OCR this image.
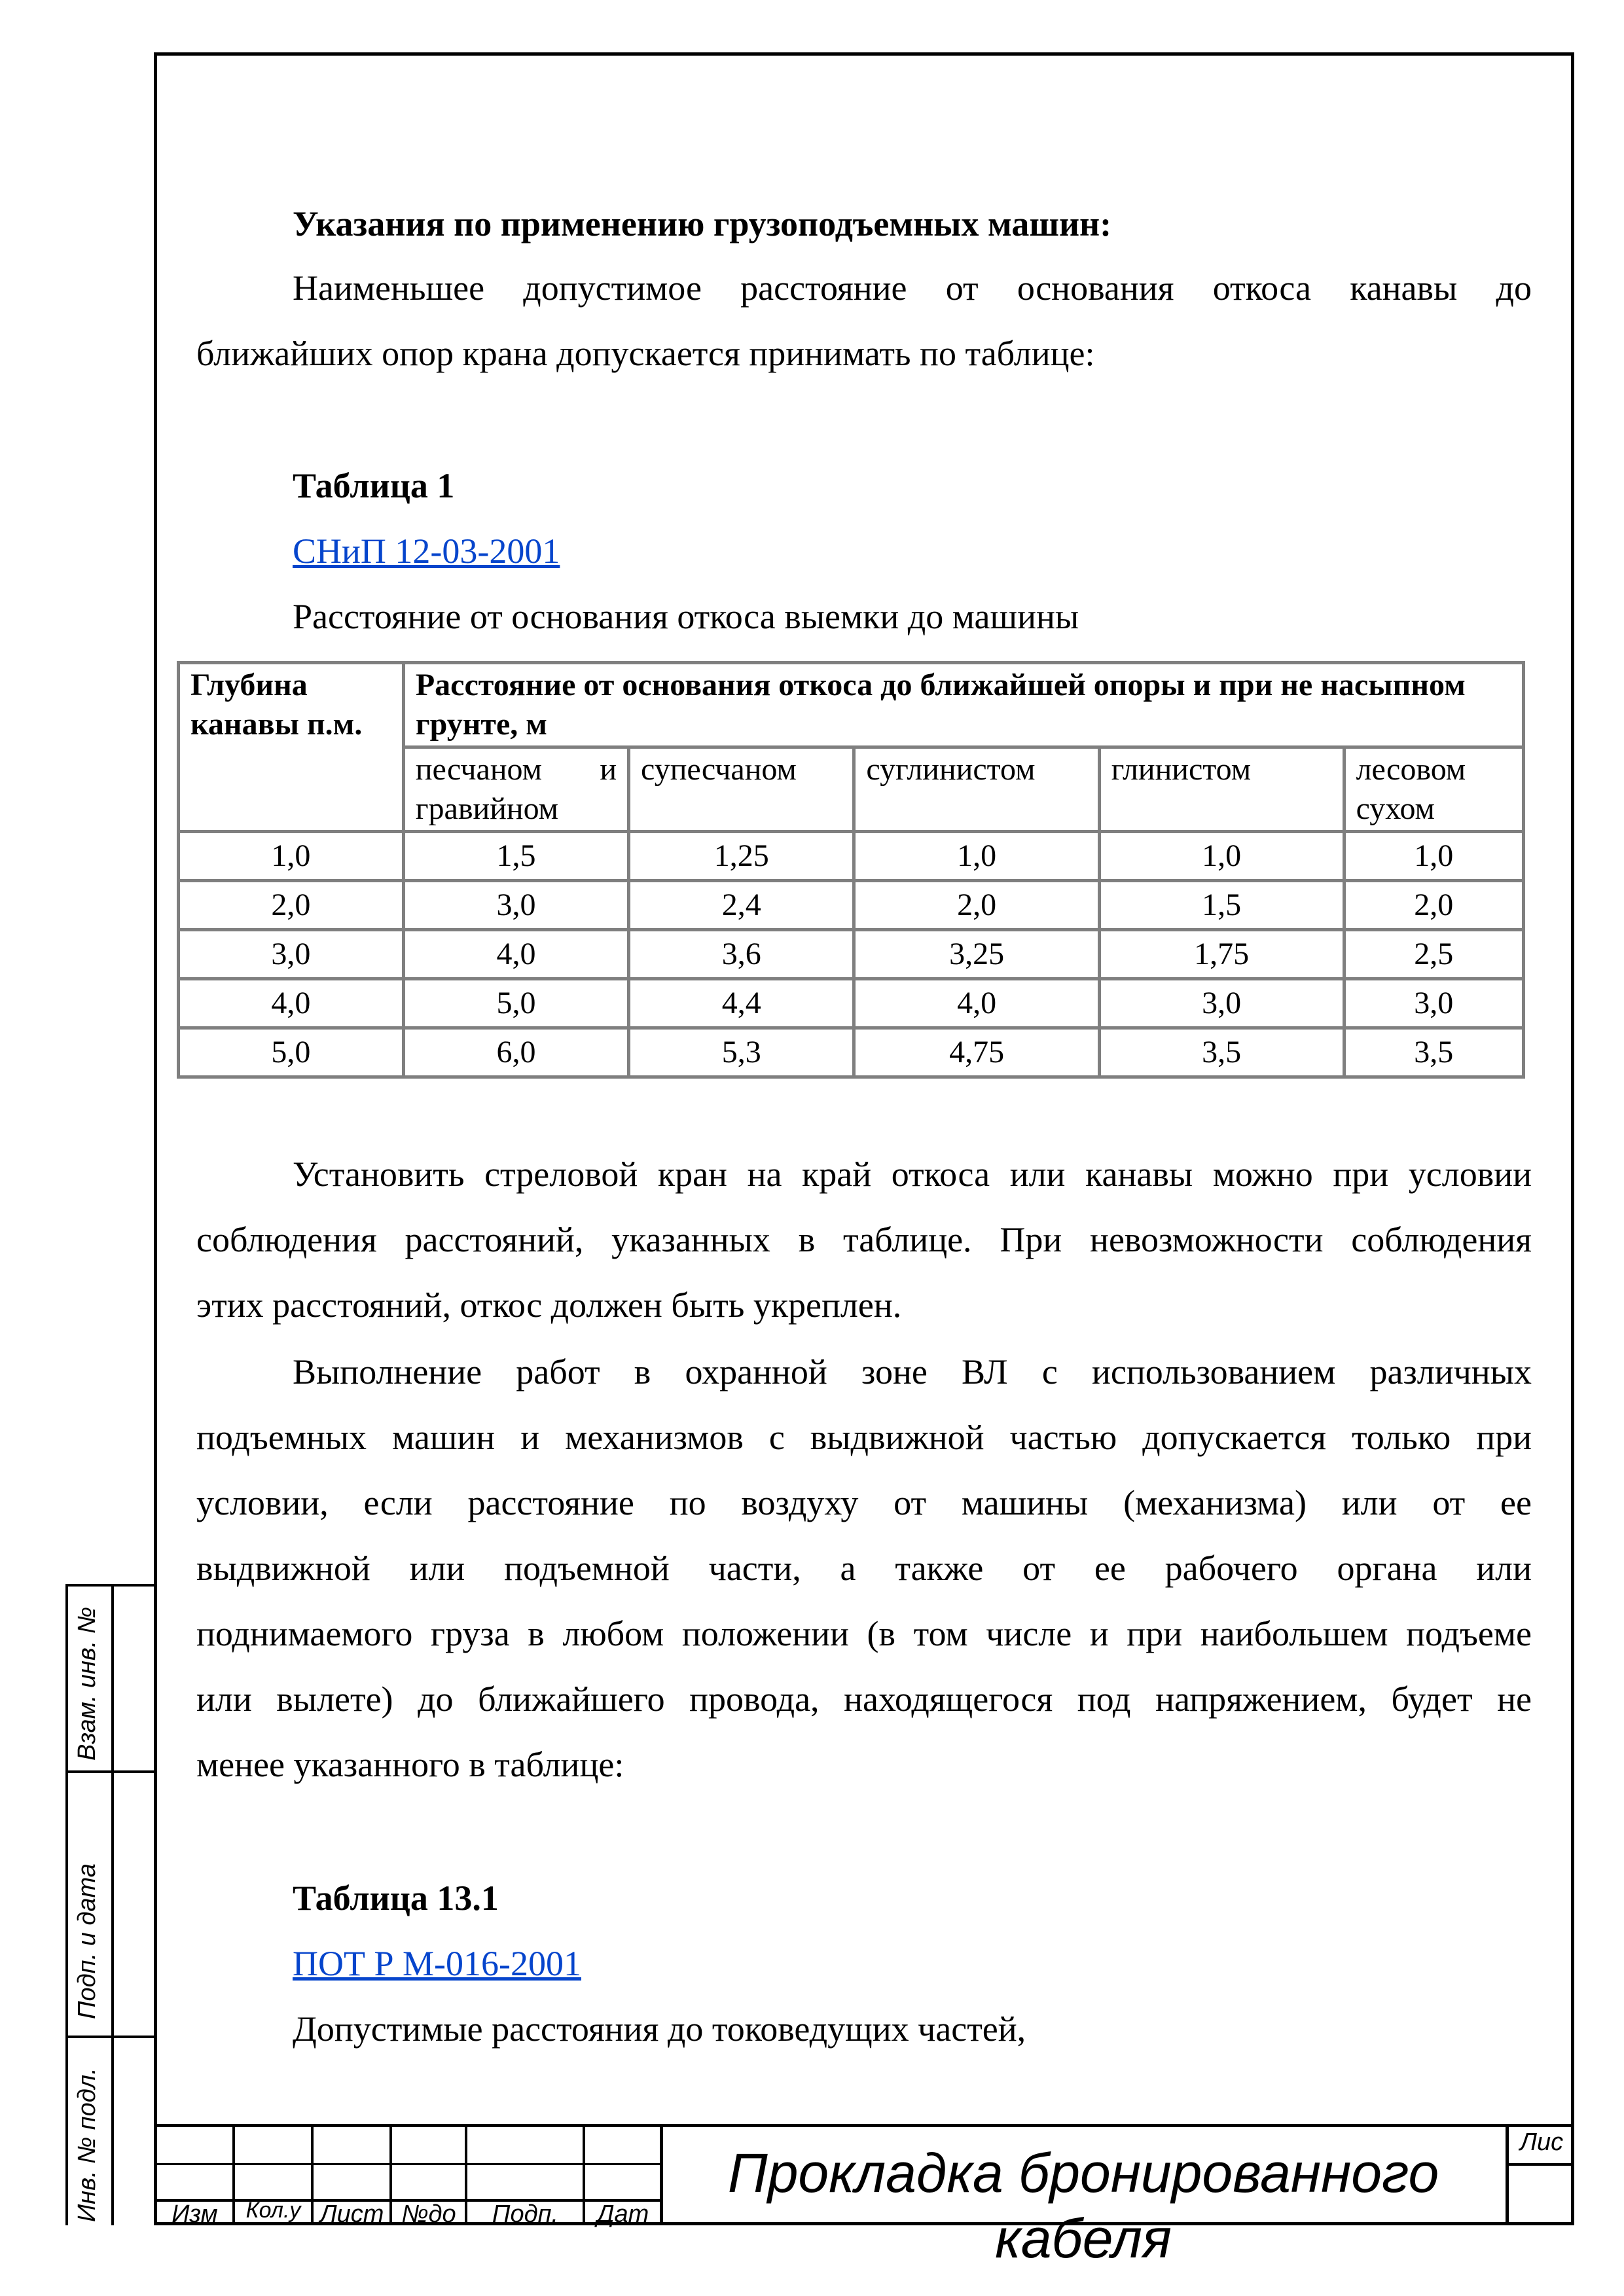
Указания по применению грузоподъемных машин:
Наименьшее допустимое расстояние от основания откоса канавы до
ближайших опор крана допускается принимать по таблице:
Таблица 1
СНиП 12-03-2001
Расстояние от основания откоса выемки до машины
Глубина канавы п.м.	Расстояние от основания откоса до ближайшей опоры и при не насыпном грунте, м				

	песчаном и гравийном	супесчаном	суглинистом	глинистом	лесовом сухом
1,0	1,5	1,25	1,0	1,0	1,0
2,0	3,0	2,4	2,0	1,5	2,0
3,0	4,0	3,6	3,25	1,75	2,5
4,0	5,0	4,4	4,0	3,0	3,0
5,0	6,0	5,3	4,75	3,5	3,5
Установить стреловой кран на край откоса или канавы можно при условии
соблюдения расстояний, указанных в таблице. При невозможности соблюдения
этих расстояний, откос должен быть укреплен.
Выполнение работ в охранной зоне ВЛ с использованием различных
подъемных машин и механизмов с выдвижной частью допускается только при
условии, если расстояние по воздуху от машины (механизма) или от ее
выдвижной или подъемной части, а также от ее рабочего органа или
поднимаемого груза в любом положении (в том числе и при наибольшем подъеме
или вылете) до ближайшего провода, находящегося под напряжением, будет не
менее указанного в таблице:
Таблица 13.1
ПОТ Р М-016-2001
Допустимые расстояния до токоведущих частей,
Взам. инв. №
Подп. и дата
Инв. № подл.	Изм	Кол.у Лист №до	Подп.	Дат
Лис
Прокладка бронированного кабеля
